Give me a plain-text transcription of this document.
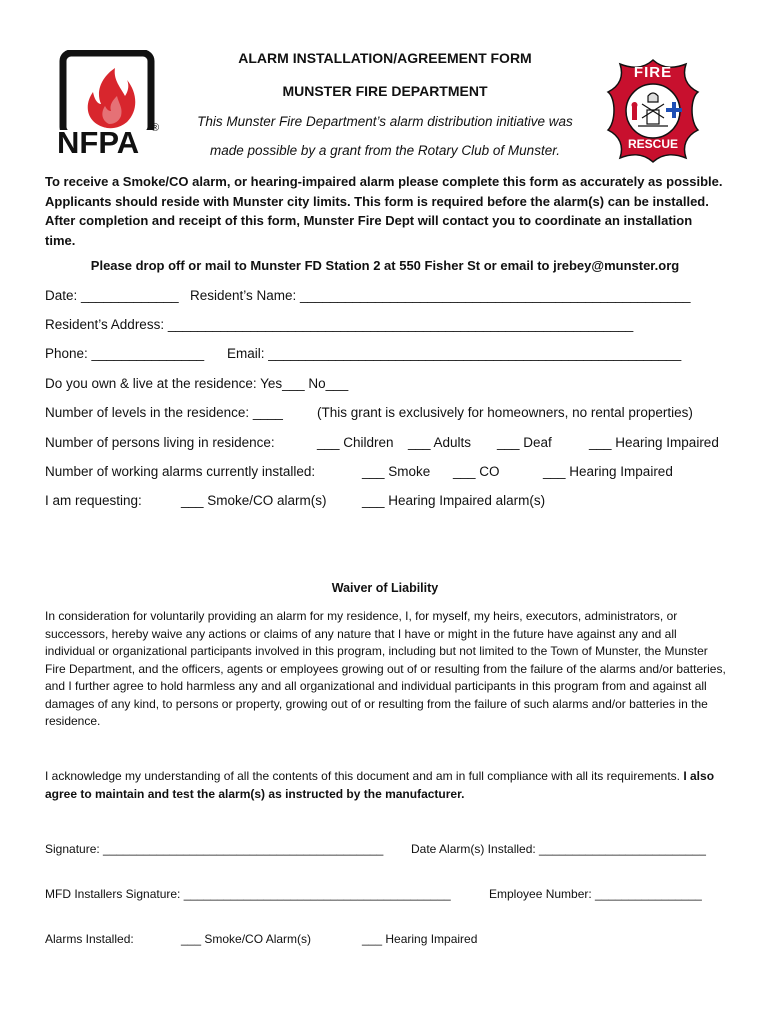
NFPA ®
ALARM INSTALLATION/AGREEMENT FORM
MUNSTER FIRE DEPARTMENT
This Munster Fire Department’s alarm distribution initiative was
made possible by a grant from the Rotary Club of Munster.
FIRE
RESCUE
To receive a Smoke/CO alarm, or hearing-impaired alarm please complete this form as accurately as possible. Applicants should reside with Munster city limits. This form is required before the alarm(s) can be installed. After completion and receipt of this form, Munster Fire Dept will contact you to coordinate an installation time.
Please drop off or mail to Munster FD Station 2 at 550 Fisher St or email to jrebey@munster.org
Date: _____________ Resident’s Name: ____________________________________________________
Resident’s Address: ______________________________________________________________
Phone: _______________ Email: _______________________________________________________
Do you own & live at the residence: Yes___ No___
Number of levels in the residence: ____	(This grant is exclusively for homeowners, no rental properties)
Number of persons living in residence:	___ Children ___ Adults ___ Deaf	___ Hearing Impaired
Number of working alarms currently installed:	___ Smoke ___ CO	___ Hearing Impaired
I am requesting:	___ Smoke/CO alarm(s)	___ Hearing Impaired alarm(s)
Waiver of Liability
In consideration for voluntarily providing an alarm for my residence, I, for myself, my heirs, executors, administrators, or successors, hereby waive any actions or claims of any nature that I have or might in the future have against any and all individual or organizational participants involved in this program, including but not limited to the Town of Munster, the Munster Fire Department, and the officers, agents or employees growing out of or resulting from the failure of the alarms and/or batteries, and I further agree to hold harmless any and all organizational and individual participants in this program from and against all damages of any kind, to persons or property, growing out of or resulting from the failure of such alarms and/or batteries in the residence.
I acknowledge my understanding of all the contents of this document and am in full compliance with all its requirements. I also agree to maintain and test the alarm(s) as instructed by the manufacturer.
Signature: __________________________________________ Date Alarm(s) Installed: _________________________
MFD Installers Signature: ________________________________________	Employee Number: ________________
Alarms Installed:	___ Smoke/CO Alarm(s)	___ Hearing Impaired
